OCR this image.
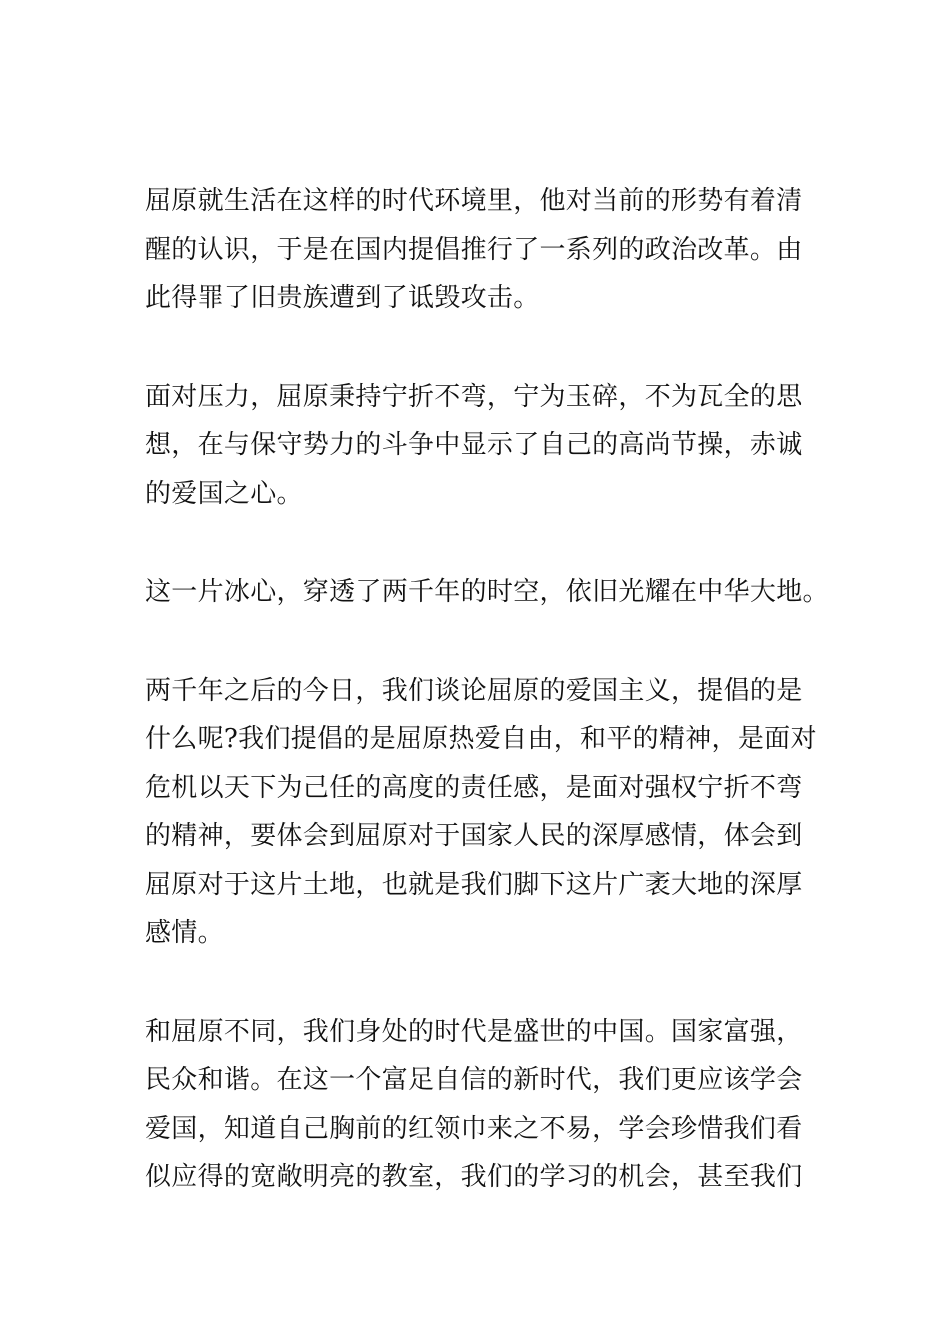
屈原就生活在这样的时代环境里，他对当前的形势有着清
醒的认识，于是在国内提倡推行了一系列的政治改革。由
此得罪了旧贵族遭到了诋毁攻击。

面对压力，屈原秉持宁折不弯，宁为玉碎，不为瓦全的思
想，在与保守势力的斗争中显示了自己的高尚节操，赤诚
的爱国之心。

这一片冰心，穿透了两千年的时空，依旧光耀在中华大地。

两千年之后的今日，我们谈论屈原的爱国主义，提倡的是
什么呢?我们提倡的是屈原热爱自由，和平的精神，是面对
危机以天下为己任的高度的责任感，是面对强权宁折不弯
的精神，要体会到屈原对于国家人民的深厚感情，体会到
屈原对于这片土地，也就是我们脚下这片广袤大地的深厚
感情。

和屈原不同，我们身处的时代是盛世的中国。国家富强，
民众和谐。在这一个富足自信的新时代，我们更应该学会
爱国，知道自己胸前的红领巾来之不易，学会珍惜我们看
似应得的宽敞明亮的教室，我们的学习的机会，甚至我们
